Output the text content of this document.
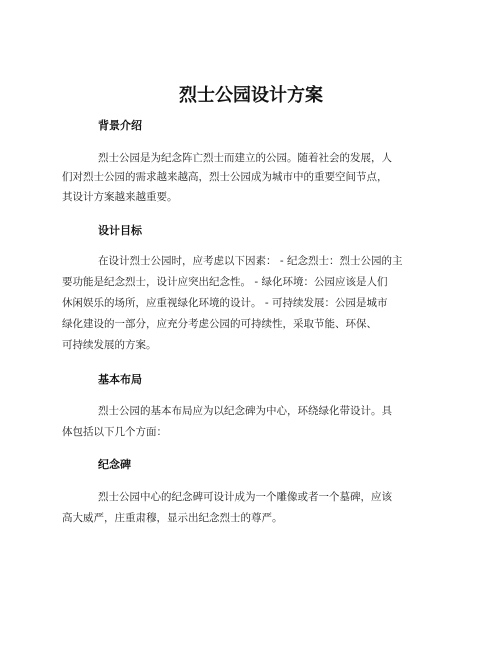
烈士公园设计方案
背景介绍
烈士公园是为纪念阵亡烈士而建立的公园。随着社会的发展，人
们对烈士公园的需求越来越高，烈士公园成为城市中的重要空间节点，
其设计方案越来越重要。
设计目标
在设计烈士公园时，应考虑以下因素： - 纪念烈士：烈士公园的主
要功能是纪念烈士，设计应突出纪念性。 - 绿化环境：公园应该是人们
休闲娱乐的场所，应重视绿化环境的设计。 - 可持续发展：公园是城市
绿化建设的一部分，应充分考虑公园的可持续性，采取节能、环保、
可持续发展的方案。
基本布局
烈士公园的基本布局应为以纪念碑为中心，环绕绿化带设计。具
体包括以下几个方面：
纪念碑
烈士公园中心的纪念碑可设计成为一个雕像或者一个墓碑，应该
高大威严，庄重肃穆，显示出纪念烈士的尊严。
